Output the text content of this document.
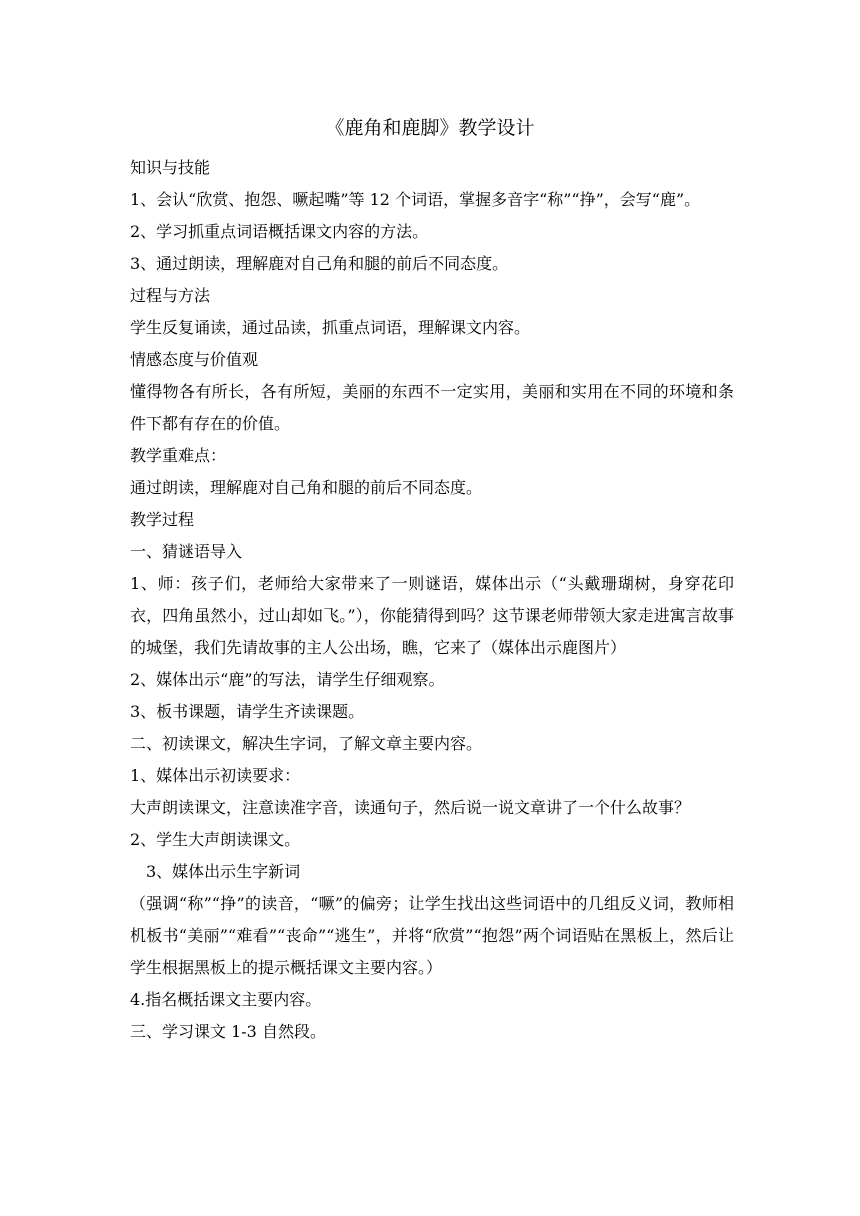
《鹿角和鹿脚》教学设计

知识与技能

1、会认“欣赏、抱怨、噘起嘴”等 12 个词语，掌握多音字“称”“挣”，会写“鹿”。

2、学习抓重点词语概括课文内容的方法。

3、通过朗读，理解鹿对自己角和腿的前后不同态度。

过程与方法

学生反复诵读，通过品读，抓重点词语，理解课文内容。

情感态度与价值观

懂得物各有所长，各有所短，美丽的东西不一定实用，美丽和实用在不同的环境和条件下都有存在的价值。

教学重难点：

通过朗读，理解鹿对自己角和腿的前后不同态度。

教学过程

一、猜谜语导入

1、师：孩子们，老师给大家带来了一则谜语，媒体出示（“头戴珊瑚树，身穿花印衣，四角虽然小，过山却如飞。”），你能猜得到吗？这节课老师带领大家走进寓言故事的城堡，我们先请故事的主人公出场，瞧，它来了（媒体出示鹿图片）

2、媒体出示“鹿”的写法，请学生仔细观察。

3、板书课题，请学生齐读课题。

二、初读课文，解决生字词，了解文章主要内容。

1、媒体出示初读要求：

大声朗读课文，注意读准字音，读通句子，然后说一说文章讲了一个什么故事？

2、学生大声朗读课文。

3、媒体出示生字新词

（强调“称”“挣”的读音，“噘”的偏旁；让学生找出这些词语中的几组反义词，教师相机板书“美丽”“难看”“丧命”“逃生”，并将“欣赏”“抱怨”两个词语贴在黑板上，然后让学生根据黑板上的提示概括课文主要内容。）

4.指名概括课文主要内容。

三、学习课文 1-3 自然段。
